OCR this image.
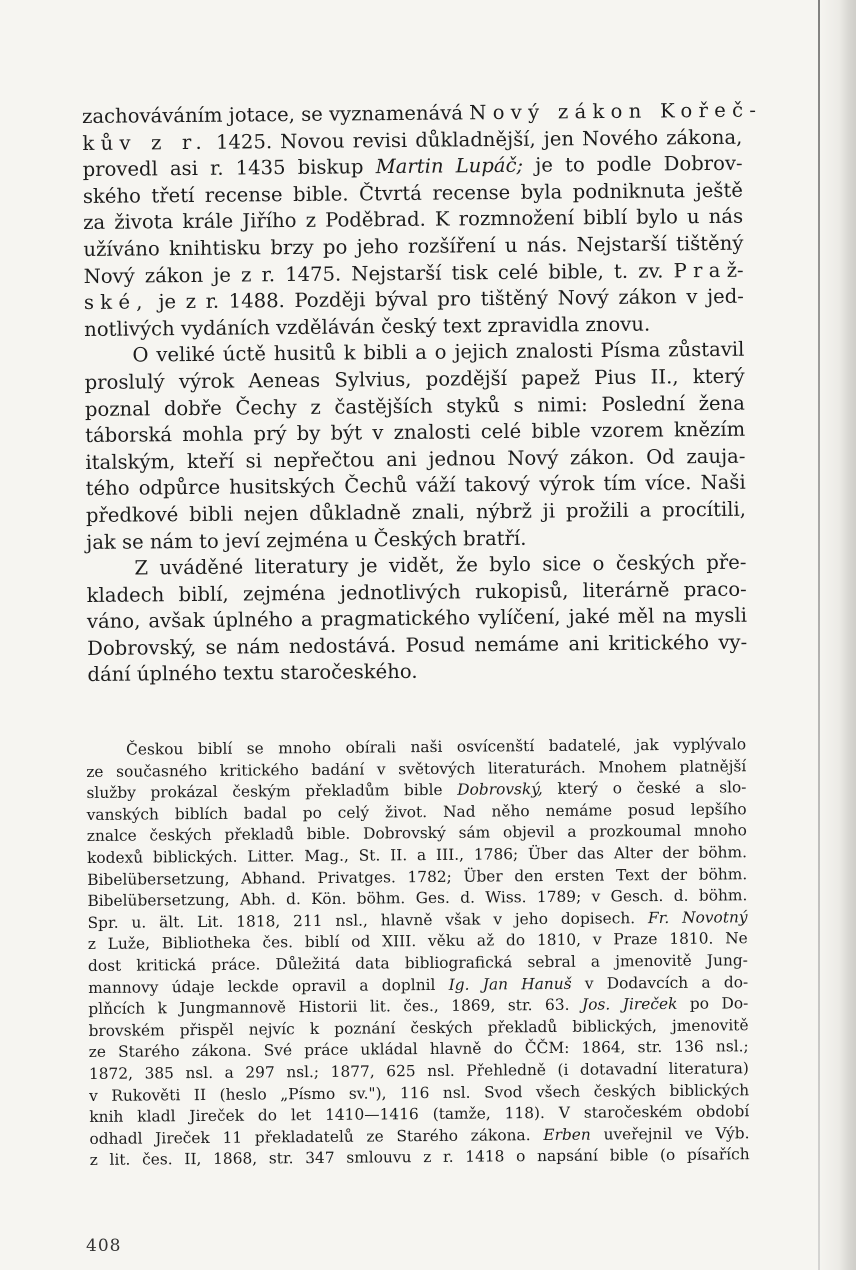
zachováváním jotace, se vyznamenává Nový zákon Kořeč-
kův z r. 1425. Novou revisi důkladnější, jen Nového zákona,
provedl asi r. 1435 biskup Martin Lupáč; je to podle Dobrov-
ského třetí recense bible. Čtvrtá recense byla podniknuta ještě
za života krále Jiřího z Poděbrad. K rozmnožení biblí bylo u nás
užíváno knihtisku brzy po jeho rozšíření u nás. Nejstarší tištěný
Nový zákon je z r. 1475. Nejstarší tisk celé bible, t. zv. Praž-
ské, je z r. 1488. Později býval pro tištěný Nový zákon v jed-
notlivých vydáních vzděláván český text zpravidla znovu.
O veliké úctě husitů k bibli a o jejich znalosti Písma zůstavil
proslulý výrok Aeneas Sylvius, pozdější papež Pius II., který
poznal dobře Čechy z častějších styků s nimi: Poslední žena
táborská mohla prý by být v znalosti celé bible vzorem knězím
italským, kteří si nepřečtou ani jednou Nový zákon. Od zauja-
tého odpůrce husitských Čechů váží takový výrok tím více. Naši
předkové bibli nejen důkladně znali, nýbrž ji prožili a procítili,
jak se nám to jeví zejména u Českých bratří.
Z uváděné literatury je vidět, že bylo sice o českých pře-
kladech biblí, zejména jednotlivých rukopisů, literárně praco-
váno, avšak úplného a pragmatického vylíčení, jaké měl na mysli
Dobrovský, se nám nedostává. Posud nemáme ani kritického vy-
dání úplného textu staročeského.
Českou biblí se mnoho obírali naši osvícenští badatelé, jak vyplývalo
ze současného kritického badání v světových literaturách. Mnohem platnější
služby prokázal českým překladům bible Dobrovský, který o české a slo-
vanských biblích badal po celý život. Nad něho nemáme posud lepšího
znalce českých překladů bible. Dobrovský sám objevil a prozkoumal mnoho
kodexů biblických. Litter. Mag., St. II. a III., 1786; Über das Alter der böhm.
Bibelübersetzung, Abhand. Privatges. 1782; Über den ersten Text der böhm.
Bibelübersetzung, Abh. d. Kön. böhm. Ges. d. Wiss. 1789; v Gesch. d. böhm.
Spr. u. ält. Lit. 1818, 211 nsl., hlavně však v jeho dopisech. Fr. Novotný
z Luže, Bibliotheka čes. biblí od XIII. věku až do 1810, v Praze 1810. Ne
dost kritická práce. Důležitá data bibliografická sebral a jmenovitě Jung-
mannovy údaje leckde opravil a doplnil Ig. Jan Hanuš v Dodavcích a do-
plňcích k Jungmannově Historii lit. čes., 1869, str. 63. Jos. Jireček po Do-
brovském přispěl nejvíc k poznání českých překladů biblických, jmenovitě
ze Starého zákona. Své práce ukládal hlavně do ČČM: 1864, str. 136 nsl.;
1872, 385 nsl. a 297 nsl.; 1877, 625 nsl. Přehledně (i dotavadní literatura)
v Rukověti II (heslo „Písmo sv."), 116 nsl. Svod všech českých biblických
knih kladl Jireček do let 1410—1416 (tamže, 118). V staročeském období
odhadl Jireček 11 překladatelů ze Starého zákona. Erben uveřejnil ve Výb.
z lit. čes. II, 1868, str. 347 smlouvu z r. 1418 o napsání bible (o písařích
408
